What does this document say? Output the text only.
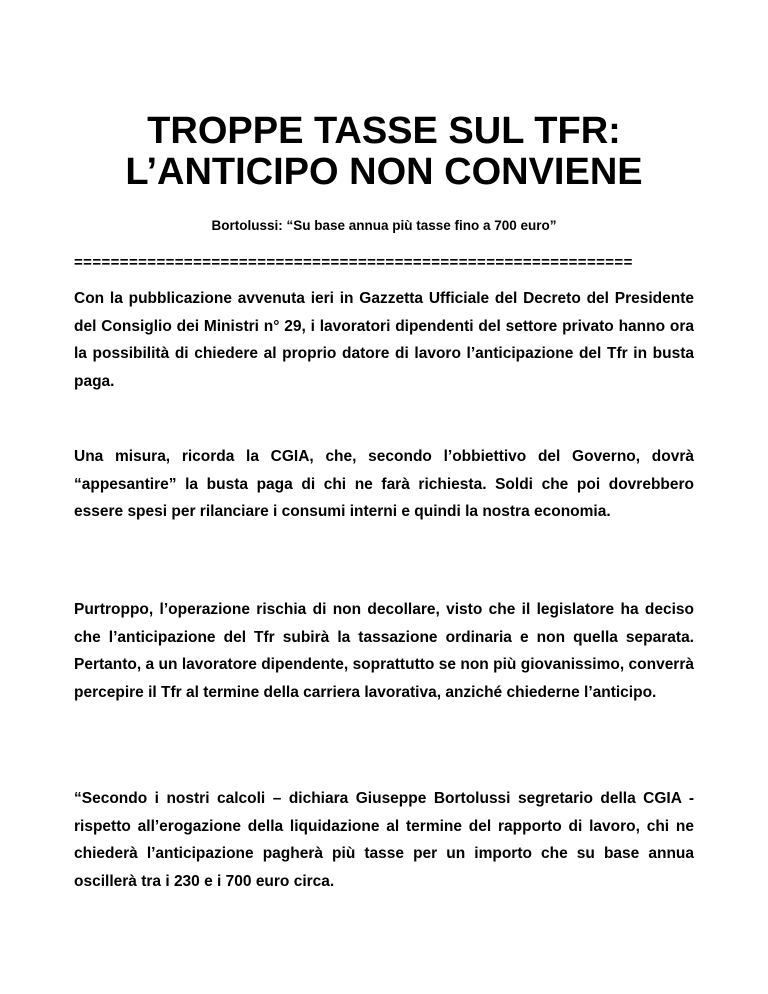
TROPPE TASSE SUL TFR:
L’ANTICIPO NON CONVIENE

Bortolussi: “Su base annua più tasse fino a 700 euro”

=============================================================

Con la pubblicazione avvenuta ieri in Gazzetta Ufficiale del Decreto del Presidente del Consiglio dei Ministri n° 29, i lavoratori dipendenti del settore privato hanno ora la possibilità di chiedere al proprio datore di lavoro l’anticipazione del Tfr in busta paga.

Una misura, ricorda la CGIA, che, secondo l’obbiettivo del Governo, dovrà “appesantire” la busta paga di chi ne farà richiesta. Soldi che poi dovrebbero essere spesi per rilanciare i consumi interni e quindi la nostra economia.

Purtroppo, l’operazione rischia di non decollare, visto che il legislatore ha deciso che l’anticipazione del Tfr subirà la tassazione ordinaria e non quella separata. Pertanto, a un lavoratore dipendente, soprattutto se non più giovanissimo, converrà percepire il Tfr al termine della carriera lavorativa, anziché chiederne l’anticipo.

“Secondo i nostri calcoli – dichiara Giuseppe Bortolussi segretario della CGIA - rispetto all’erogazione della liquidazione al termine del rapporto di lavoro, chi ne chiederà l’anticipazione pagherà più tasse per un importo che su base annua oscillerà tra i 230 e i 700 euro circa.
